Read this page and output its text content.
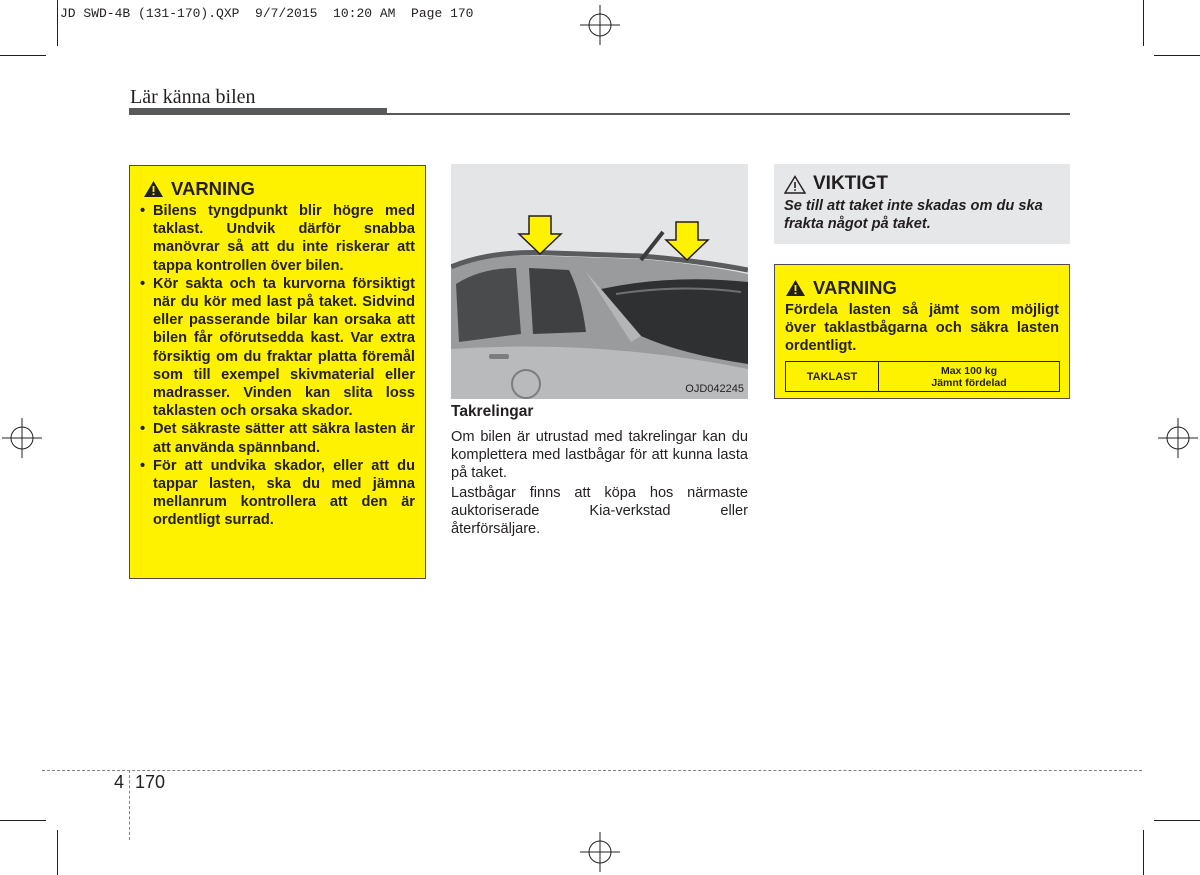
JD SWD-4B (131-170).QXP  9/7/2015  10:20 AM  Page 170
Lär känna bilen
VARNING
• Bilens tyngdpunkt blir högre med taklast. Undvik därför snabba manövrar så att du inte riskerar att tappa kontrollen över bilen.
• Kör sakta och ta kurvorna försiktigt när du kör med last på taket. Sidvind eller passerande bilar kan orsaka att bilen får oförutsedda kast. Var extra försiktig om du fraktar platta föremål som till exempel skivmaterial eller madrasser. Vinden kan slita loss taklasten och orsaka skador.
• Det säkraste sätter att säkra lasten är att använda spännband.
• För att undvika skador, eller att du tappar lasten, ska du med jämna mellanrum kontrollera att den är ordentligt surrad.
OJD042245
Takrelingar
Om bilen är utrustad med takrelingar kan du komplettera med lastbågar för att kunna lasta på taket.
Lastbågar finns att köpa hos närmaste auktoriserade Kia-verkstad eller återförsäljare.
VIKTIGT
Se till att taket inte skadas om du ska frakta något på taket.
VARNING
Fördela lasten så jämt som möjligt över taklastbågarna och säkra lasten ordentligt.
TAKLAST	Max 100 kg
Jämnt fördelad
4 170
